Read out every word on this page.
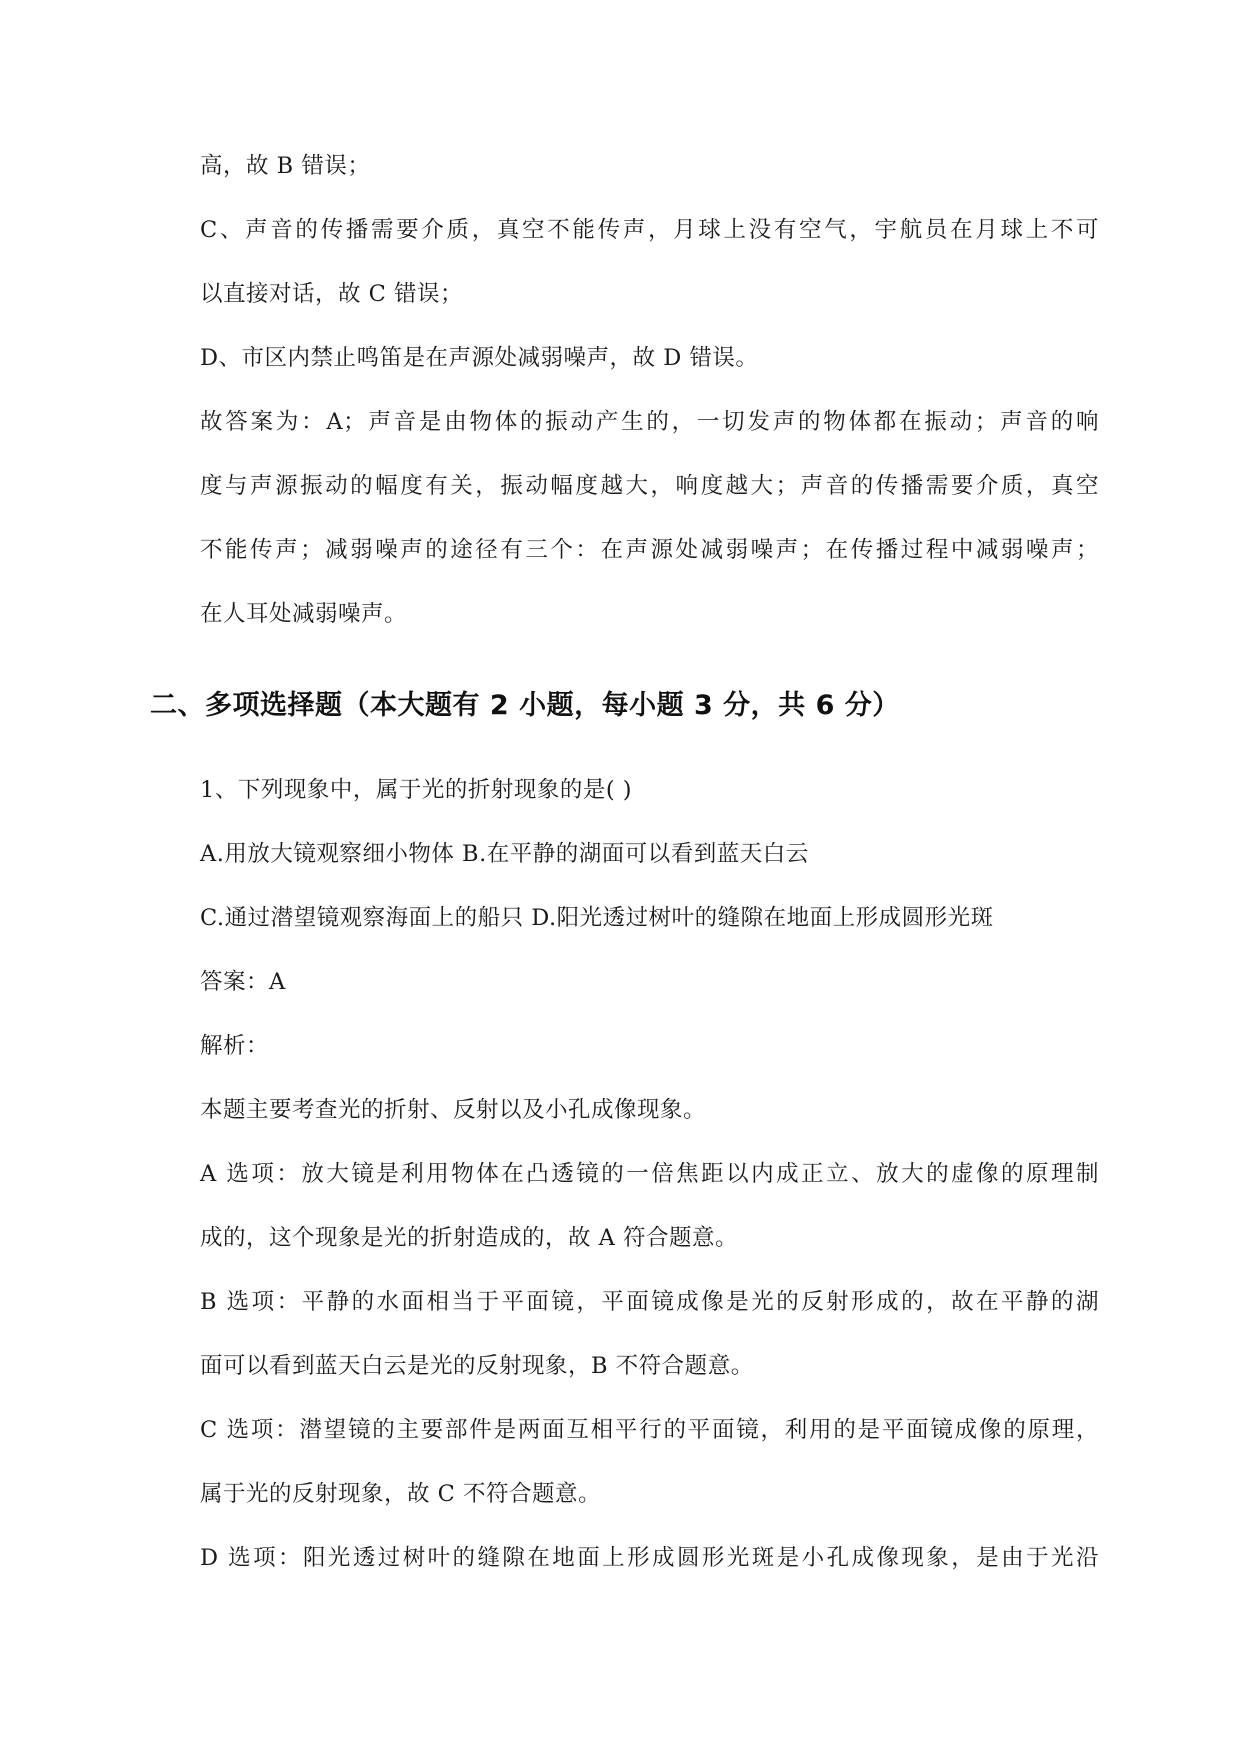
高，故 B 错误；
C、声音的传播需要介质，真空不能传声，月球上没有空气，宇航员在月球上不可
以直接对话，故 C 错误；
D、市区内禁止鸣笛是在声源处减弱噪声，故 D 错误。
故答案为：A；声音是由物体的振动产生的，一切发声的物体都在振动；声音的响
度与声源振动的幅度有关，振动幅度越大，响度越大；声音的传播需要介质，真空
不能传声；减弱噪声的途径有三个：在声源处减弱噪声；在传播过程中减弱噪声；
在人耳处减弱噪声。
二、多项选择题（本大题有 2 小题，每小题 3 分，共 6 分）
1、下列现象中，属于光的折射现象的是( )
A.用放大镜观察细小物体 B.在平静的湖面可以看到蓝天白云
C.通过潜望镜观察海面上的船只 D.阳光透过树叶的缝隙在地面上形成圆形光斑
答案：A
解析：
本题主要考查光的折射、反射以及小孔成像现象。
A 选项：放大镜是利用物体在凸透镜的一倍焦距以内成正立、放大的虚像的原理制
成的，这个现象是光的折射造成的，故 A 符合题意。
B 选项：平静的水面相当于平面镜，平面镜成像是光的反射形成的，故在平静的湖
面可以看到蓝天白云是光的反射现象，B 不符合题意。
C 选项：潜望镜的主要部件是两面互相平行的平面镜，利用的是平面镜成像的原理，
属于光的反射现象，故 C 不符合题意。
D 选项：阳光透过树叶的缝隙在地面上形成圆形光斑是小孔成像现象，是由于光沿
